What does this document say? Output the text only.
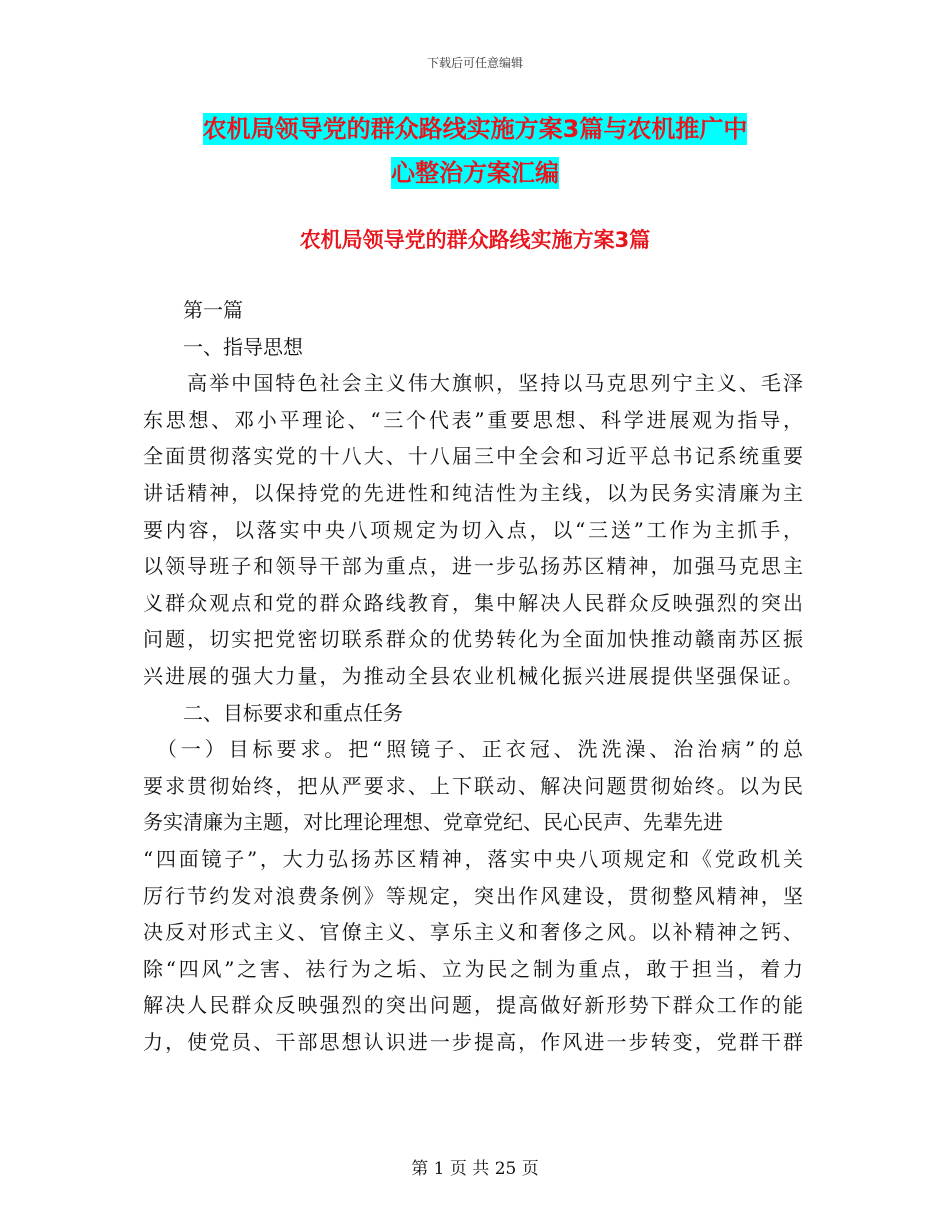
下载后可任意编辑
农机局领导党的群众路线实施方案3篇与农机推广中
心整治方案汇编
农机局领导党的群众路线实施方案3篇
　　第一篇
　　一、指导思想
　　高举中国特色社会主义伟大旗帜，坚持以马克思列宁主义、毛泽
东思想、邓小平理论、“三个代表”重要思想、科学进展观为指导，
全面贯彻落实党的十八大、十八届三中全会和习近平总书记系统重要
讲话精神，以保持党的先进性和纯洁性为主线，以为民务实清廉为主
要内容，以落实中央八项规定为切入点，以“三送”工作为主抓手，
以领导班子和领导干部为重点，进一步弘扬苏区精神，加强马克思主
义群众观点和党的群众路线教育，集中解决人民群众反映强烈的突出
问题，切实把党密切联系群众的优势转化为全面加快推动赣南苏区振
兴进展的强大力量，为推动全县农业机械化振兴进展提供坚强保证。
　　二、目标要求和重点任务
　（一）目标要求。把“照镜子、正衣冠、洗洗澡、治治病”的总
要求贯彻始终，把从严要求、上下联动、解决问题贯彻始终。以为民
务实清廉为主题，对比理论理想、党章党纪、民心民声、先辈先进
“四面镜子”，大力弘扬苏区精神，落实中央八项规定和《党政机关
厉行节约发对浪费条例》等规定，突出作风建设，贯彻整风精神，坚
决反对形式主义、官僚主义、享乐主义和奢侈之风。以补精神之钙、
除“四风”之害、祛行为之垢、立为民之制为重点，敢于担当，着力
解决人民群众反映强烈的突出问题，提高做好新形势下群众工作的能
力，使党员、干部思想认识进一步提高，作风进一步转变，党群干群
第 1 页 共 25 页
